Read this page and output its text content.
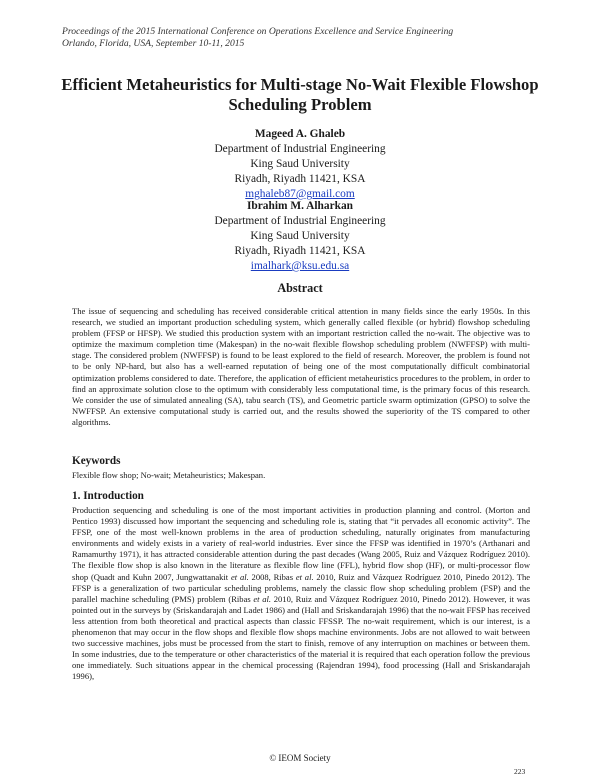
Proceedings of the 2015 International Conference on Operations Excellence and Service Engineering
Orlando, Florida, USA, September 10-11, 2015
Efficient Metaheuristics for Multi-stage No-Wait Flexible Flowshop
Scheduling Problem
Mageed A. Ghaleb
Department of Industrial Engineering
King Saud University
Riyadh, Riyadh 11421, KSA
mghaleb87@gmail.com
Ibrahim M. Alharkan
Department of Industrial Engineering
King Saud University
Riyadh, Riyadh 11421, KSA
imalhark@ksu.edu.sa
Abstract
The issue of sequencing and scheduling has received considerable critical attention in many fields since the early 1950s. In this research, we studied an important production scheduling system, which generally called flexible (or hybrid) flowshop scheduling problem (FFSP or HFSP). We studied this production system with an important restriction called the no-wait. The objective was to optimize the maximum completion time (Makespan) in the no-wait flexible flowshop scheduling problem (NWFFSP) with multi-stage. The considered problem (NWFFSP) is found to be least explored to the field of research. Moreover, the problem is found not to be only NP-hard, but also has a well-earned reputation of being one of the most computationally difficult combinatorial optimization problems considered to date. Therefore, the application of efficient metaheuristics procedures to the problem, in order to find an approximate solution close to the optimum with considerably less computational time, is the primary focus of this research. We consider the use of simulated annealing (SA), tabu search (TS), and Geometric particle swarm optimization (GPSO) to solve the NWFFSP. An extensive computational study is carried out, and the results showed the superiority of the TS compared to other algorithms.
Keywords
Flexible flow shop; No-wait; Metaheuristics; Makespan.
1. Introduction
Production sequencing and scheduling is one of the most important activities in production planning and control. (Morton and Pentico 1993) discussed how important the sequencing and scheduling role is, stating that “it pervades all economic activity”. The FFSP, one of the most well-known problems in the area of production scheduling, naturally originates from manufacturing environments and widely exists in a variety of real-world industries. Ever since the FFSP was identified in 1970’s (Arthanari and Ramamurthy 1971), it has attracted considerable attention during the past decades (Wang 2005, Ruiz and Vázquez Rodríguez 2010). The flexible flow shop is also known in the literature as flexible flow line (FFL), hybrid flow shop (HF), or multi-processor flow shop (Quadt and Kuhn 2007, Jungwattanakit et al. 2008, Ribas et al. 2010, Ruiz and Vázquez Rodríguez 2010, Pinedo 2012). The FFSP is a generalization of two particular scheduling problems, namely the classic flow shop scheduling problem (FSP) and the parallel machine scheduling (PMS) problem (Ribas et al. 2010, Ruiz and Vázquez Rodríguez 2010, Pinedo 2012). However, it was pointed out in the surveys by (Sriskandarajah and Ladet 1986) and (Hall and Sriskandarajah 1996) that the no-wait FFSP has received less attention from both theoretical and practical aspects than classic FFSSP. The no-wait requirement, which is our interest, is a phenomenon that may occur in the flow shops and flexible flow shops machine environments. Jobs are not allowed to wait between two successive machines, jobs must be processed from the start to finish, remove of any interruption on machines or between them. In some industries, due to the temperature or other characteristics of the material it is required that each operation follow the previous one immediately. Such situations appear in the chemical processing (Rajendran 1994), food processing (Hall and Sriskandarajah 1996),
© IEOM Society
223
